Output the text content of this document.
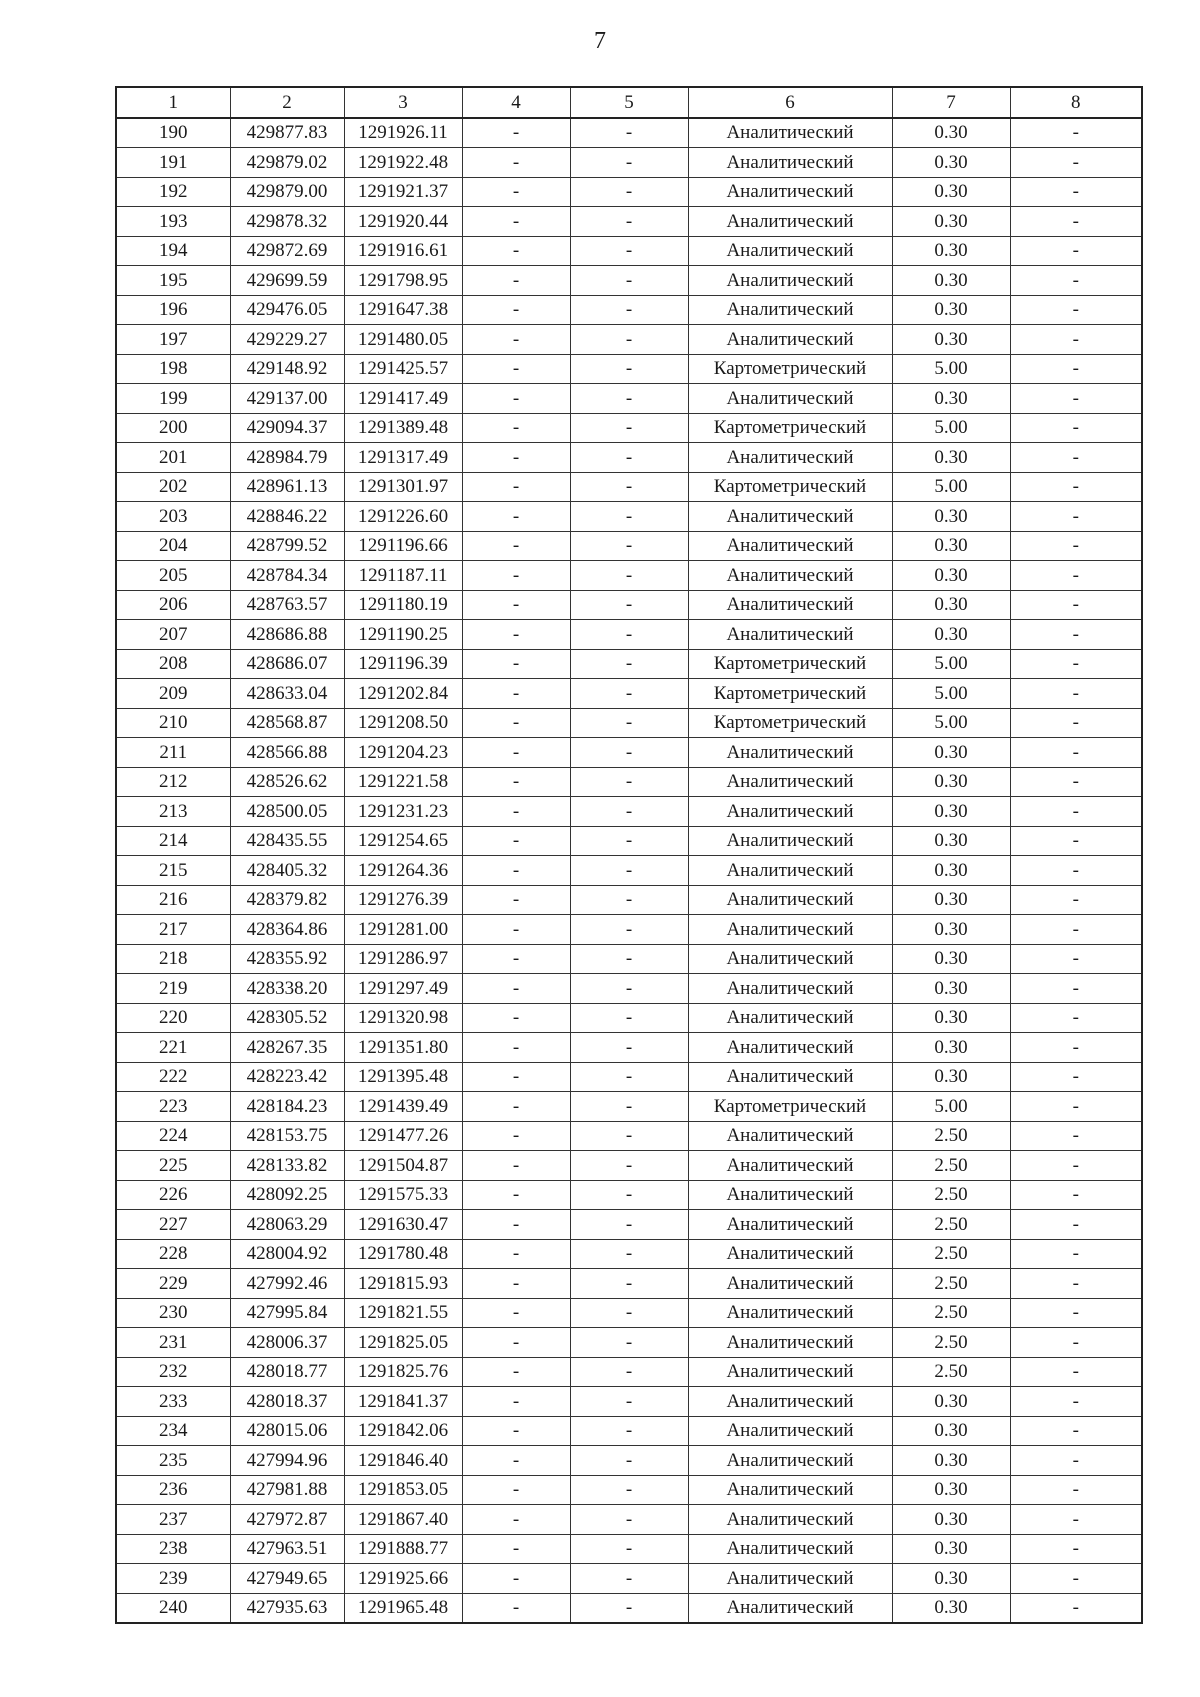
7
1	2	3	4	5	6	7	8
190	429877.83	1291926.11	-	-	Аналитический	0.30	-
191	429879.02	1291922.48	-	-	Аналитический	0.30	-
192	429879.00	1291921.37	-	-	Аналитический	0.30	-
193	429878.32	1291920.44	-	-	Аналитический	0.30	-
194	429872.69	1291916.61	-	-	Аналитический	0.30	-
195	429699.59	1291798.95	-	-	Аналитический	0.30	-
196	429476.05	1291647.38	-	-	Аналитический	0.30	-
197	429229.27	1291480.05	-	-	Аналитический	0.30	-
198	429148.92	1291425.57	-	-	Картометрический	5.00	-
199	429137.00	1291417.49	-	-	Аналитический	0.30	-
200	429094.37	1291389.48	-	-	Картометрический	5.00	-
201	428984.79	1291317.49	-	-	Аналитический	0.30	-
202	428961.13	1291301.97	-	-	Картометрический	5.00	-
203	428846.22	1291226.60	-	-	Аналитический	0.30	-
204	428799.52	1291196.66	-	-	Аналитический	0.30	-
205	428784.34	1291187.11	-	-	Аналитический	0.30	-
206	428763.57	1291180.19	-	-	Аналитический	0.30	-
207	428686.88	1291190.25	-	-	Аналитический	0.30	-
208	428686.07	1291196.39	-	-	Картометрический	5.00	-
209	428633.04	1291202.84	-	-	Картометрический	5.00	-
210	428568.87	1291208.50	-	-	Картометрический	5.00	-
211	428566.88	1291204.23	-	-	Аналитический	0.30	-
212	428526.62	1291221.58	-	-	Аналитический	0.30	-
213	428500.05	1291231.23	-	-	Аналитический	0.30	-
214	428435.55	1291254.65	-	-	Аналитический	0.30	-
215	428405.32	1291264.36	-	-	Аналитический	0.30	-
216	428379.82	1291276.39	-	-	Аналитический	0.30	-
217	428364.86	1291281.00	-	-	Аналитический	0.30	-
218	428355.92	1291286.97	-	-	Аналитический	0.30	-
219	428338.20	1291297.49	-	-	Аналитический	0.30	-
220	428305.52	1291320.98	-	-	Аналитический	0.30	-
221	428267.35	1291351.80	-	-	Аналитический	0.30	-
222	428223.42	1291395.48	-	-	Аналитический	0.30	-
223	428184.23	1291439.49	-	-	Картометрический	5.00	-
224	428153.75	1291477.26	-	-	Аналитический	2.50	-
225	428133.82	1291504.87	-	-	Аналитический	2.50	-
226	428092.25	1291575.33	-	-	Аналитический	2.50	-
227	428063.29	1291630.47	-	-	Аналитический	2.50	-
228	428004.92	1291780.48	-	-	Аналитический	2.50	-
229	427992.46	1291815.93	-	-	Аналитический	2.50	-
230	427995.84	1291821.55	-	-	Аналитический	2.50	-
231	428006.37	1291825.05	-	-	Аналитический	2.50	-
232	428018.77	1291825.76	-	-	Аналитический	2.50	-
233	428018.37	1291841.37	-	-	Аналитический	0.30	-
234	428015.06	1291842.06	-	-	Аналитический	0.30	-
235	427994.96	1291846.40	-	-	Аналитический	0.30	-
236	427981.88	1291853.05	-	-	Аналитический	0.30	-
237	427972.87	1291867.40	-	-	Аналитический	0.30	-
238	427963.51	1291888.77	-	-	Аналитический	0.30	-
239	427949.65	1291925.66	-	-	Аналитический	0.30	-
240	427935.63	1291965.48	-	-	Аналитический	0.30	-
